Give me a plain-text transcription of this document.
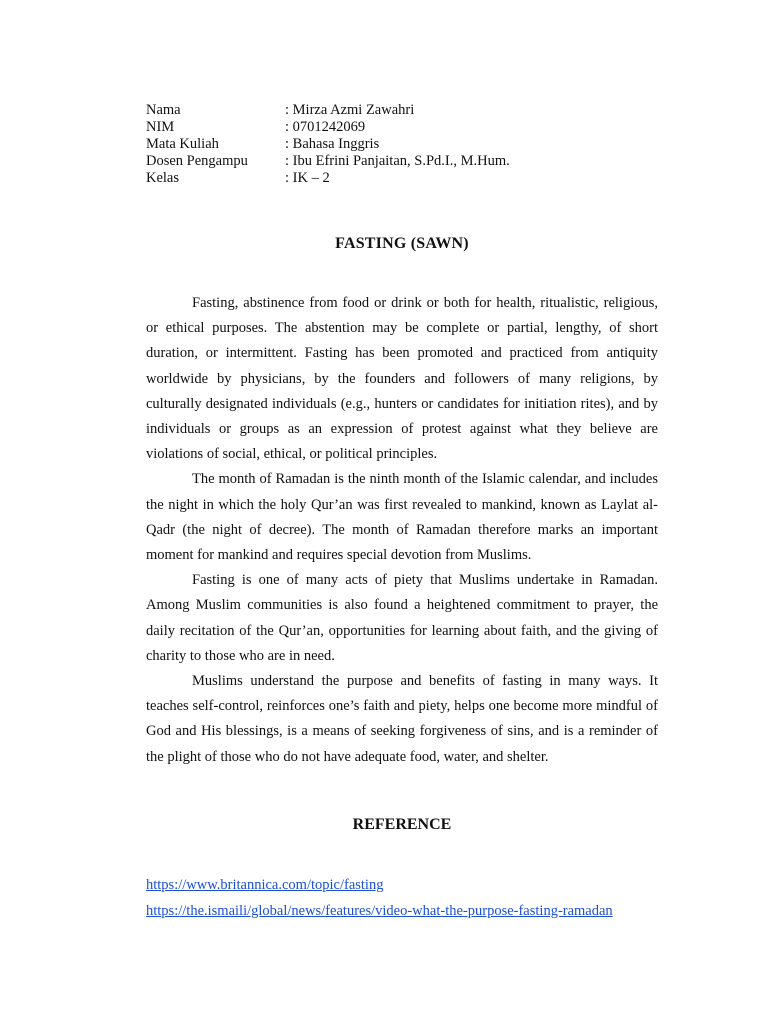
Nama	: Mirza Azmi Zawahri
NIM	: 0701242069
Mata Kuliah	: Bahasa Inggris
Dosen Pengampu	: Ibu Efrini Panjaitan, S.Pd.I., M.Hum.
Kelas	: IK – 2
FASTING (SAWN)

Fasting, abstinence from food or drink or both for health, ritualistic, religious, or ethical purposes. The abstention may be complete or partial, lengthy, of short duration, or intermittent. Fasting has been promoted and practiced from antiquity worldwide by physicians, by the founders and followers of many religions, by culturally designated individuals (e.g., hunters or candidates for initiation rites), and by individuals or groups as an expression of protest against what they believe are violations of social, ethical, or political principles.

The month of Ramadan is the ninth month of the Islamic calendar, and includes the night in which the holy Qur’an was first revealed to mankind, known as Laylat al-Qadr (the night of decree). The month of Ramadan therefore marks an important moment for mankind and requires special devotion from Muslims.

Fasting is one of many acts of piety that Muslims undertake in Ramadan. Among Muslim communities is also found a heightened commitment to prayer, the daily recitation of the Qur’an, opportunities for learning about faith, and the giving of charity to those who are in need.

Muslims understand the purpose and benefits of fasting in many ways. It teaches self-control, reinforces one’s faith and piety, helps one become more mindful of God and His blessings, is a means of seeking forgiveness of sins, and is a reminder of the plight of those who do not have adequate food, water, and shelter.

REFERENCE
https://www.britannica.com/topic/fasting
https://the.ismaili/global/news/features/video-what-the-purpose-fasting-ramadan
